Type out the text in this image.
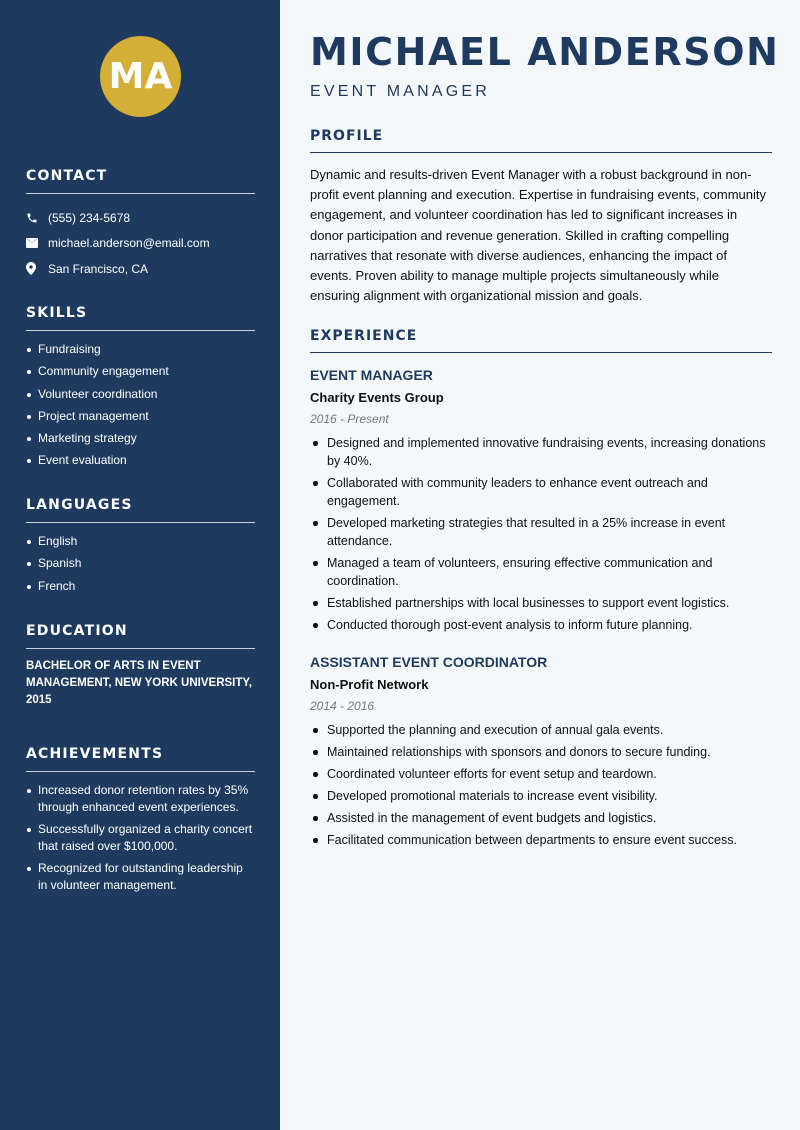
MA
CONTACT
(555) 234-5678
michael.anderson@email.com
San Francisco, CA
SKILLS
Fundraising
Community engagement
Volunteer coordination
Project management
Marketing strategy
Event evaluation
LANGUAGES
English
Spanish
French
EDUCATION

BACHELOR OF ARTS IN EVENT MANAGEMENT, NEW YORK UNIVERSITY, 2015

ACHIEVEMENTS
Increased donor retention rates by 35% through enhanced event experiences.
Successfully organized a charity concert that raised over $100,000.
Recognized for outstanding leadership in volunteer management.
MICHAEL ANDERSON
EVENT MANAGER
PROFILE

Dynamic and results-driven Event Manager with a robust background in non-profit event planning and execution. Expertise in fundraising events, community engagement, and volunteer coordination has led to significant increases in donor participation and revenue generation. Skilled in crafting compelling narratives that resonate with diverse audiences, enhancing the impact of events. Proven ability to manage multiple projects simultaneously while ensuring alignment with organizational mission and goals.

EXPERIENCE
EVENT MANAGER
Charity Events Group
2016 - Present
Designed and implemented innovative fundraising events, increasing donations by 40%.
Collaborated with community leaders to enhance event outreach and engagement.
Developed marketing strategies that resulted in a 25% increase in event attendance.
Managed a team of volunteers, ensuring effective communication and coordination.
Established partnerships with local businesses to support event logistics.
Conducted thorough post-event analysis to inform future planning.
ASSISTANT EVENT COORDINATOR
Non-Profit Network
2014 - 2016
Supported the planning and execution of annual gala events.
Maintained relationships with sponsors and donors to secure funding.
Coordinated volunteer efforts for event setup and teardown.
Developed promotional materials to increase event visibility.
Assisted in the management of event budgets and logistics.
Facilitated communication between departments to ensure event success.
